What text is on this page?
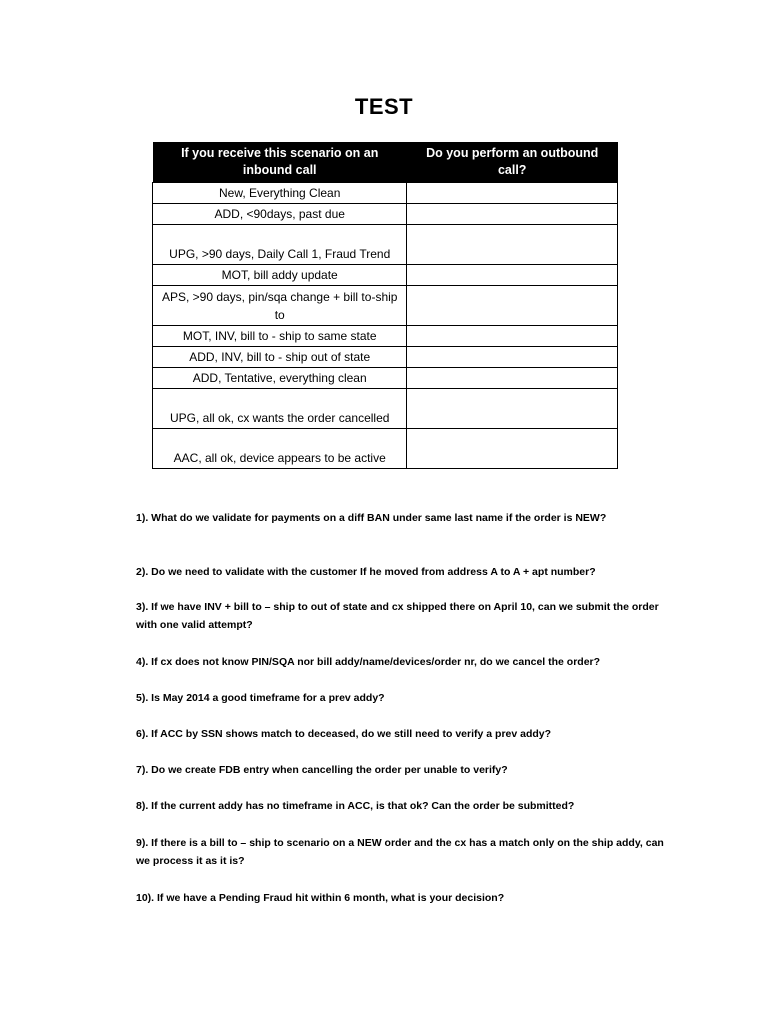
TEST
If you receive this scenario on an inbound call	Do you perform an outbound call?
New, Everything Clean	
ADD, <90days, past due	
UPG, >90 days, Daily Call 1, Fraud Trend	
MOT, bill addy update	
APS, >90 days, pin/sqa change + bill to-ship to	
MOT, INV, bill to - ship to same state	
ADD, INV, bill to - ship out of state	
ADD, Tentative, everything clean	
UPG, all ok, cx wants the order cancelled	
AAC, all ok, device appears to be active	
1). What do we validate for payments on a diff BAN under same last name if the order is NEW?
2). Do we need to validate with the customer If he moved from address A to A + apt number?
3). If we have INV + bill to – ship to out of state and cx shipped there on April 10, can we submit the order with one valid attempt?
4). If cx does not know PIN/SQA nor bill addy/name/devices/order nr, do we cancel the order?
5). Is May 2014 a good timeframe for a prev addy?
6). If ACC by SSN shows match to deceased, do we still need to verify a prev addy?
7). Do we create FDB entry when cancelling the order per unable to verify?
8). If the current addy has no timeframe in ACC, is that ok? Can the order be submitted?
9). If there is a bill to – ship to scenario on a NEW order and the cx has a match only on the ship addy, can we process it as it is?
10). If we have a Pending Fraud hit within 6 month, what is your decision?
